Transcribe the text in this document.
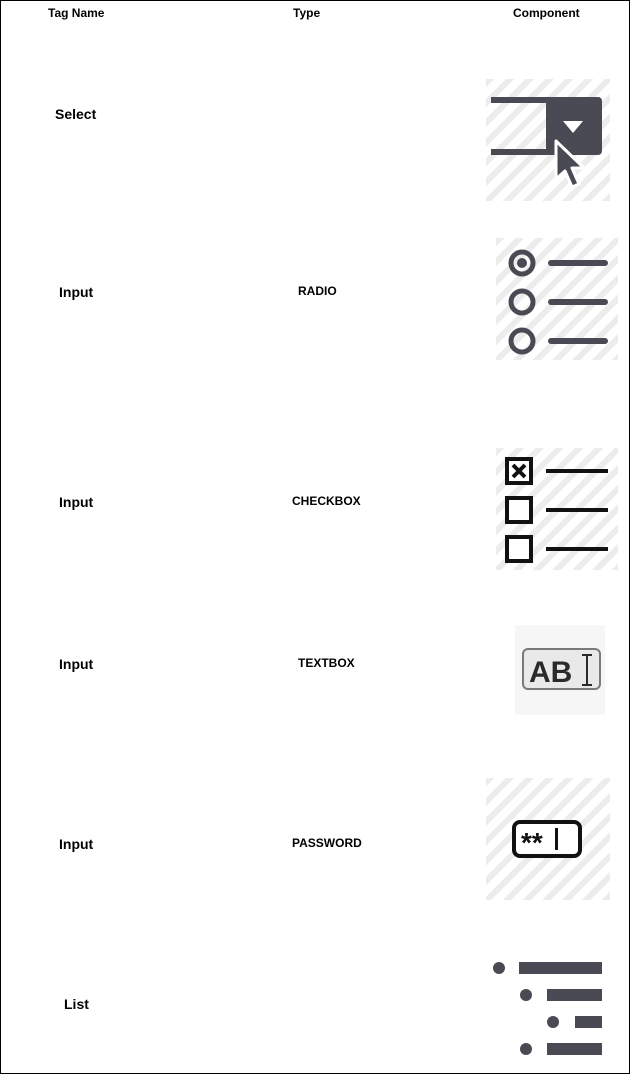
Tag Name	Type	Component
Select
Input	RADIO
Input	CHECKBOX
Input	TEXTBOX	AB
Input	PASSWORD	**
List
